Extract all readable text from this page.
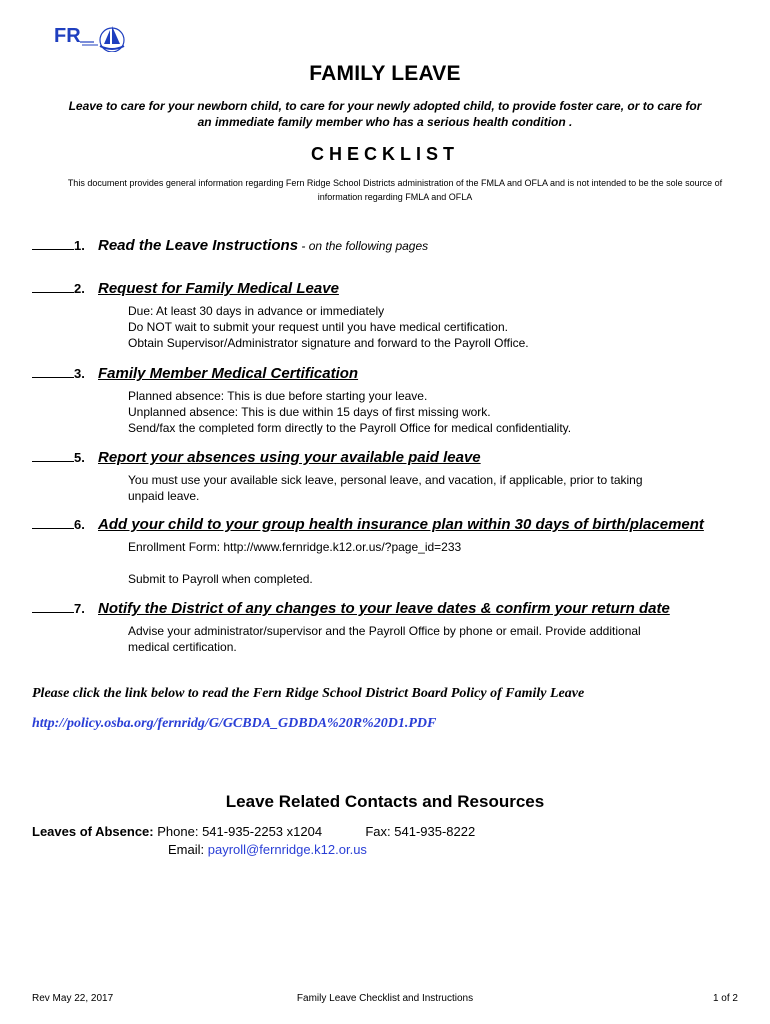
FR
FAMILY LEAVE
Leave to care for your newborn child, to care for your newly adopted child, to provide foster care, or to care for an immediate family member who has a serious health condition .
CHECKLIST
This document provides general information regarding Fern Ridge School Districts administration of the FMLA and OFLA and is not intended to be the sole source of information regarding FMLA and OFLA
1. Read the Leave Instructions - on the following pages
2. Request for Family Medical Leave
Due: At least 30 days in advance or immediately
Do NOT wait to submit your request until you have medical certification.
Obtain Supervisor/Administrator signature and forward to the Payroll Office.
3. Family Member Medical Certification
Planned absence: This is due before starting your leave.
Unplanned absence: This is due within 15 days of first missing work.
Send/fax the completed form directly to the Payroll Office for medical confidentiality.
5. Report your absences using your available paid leave
You must use your available sick leave, personal leave, and vacation, if applicable, prior to taking
unpaid leave.
6. Add your child to your group health insurance plan within 30 days of birth/placement
Enrollment Form: http://www.fernridge.k12.or.us/?page_id=233
Submit to Payroll when completed.
7. Notify the District of any changes to your leave dates & confirm your return date
Advise your administrator/supervisor and the Payroll Office by phone or email. Provide additional
medical certification.
Please click the link below to read the Fern Ridge School District Board Policy of Family Leave
http://policy.osba.org/fernridg/G/GCBDA_GDBDA%20R%20D1.PDF
Leave Related Contacts and Resources
Leaves of Absence: Phone: 541-935-2253 x1204	Fax: 541-935-8222
Email: payroll@fernridge.k12.or.us
Rev May 22, 2017	Family Leave Checklist and Instructions	1 of 2
